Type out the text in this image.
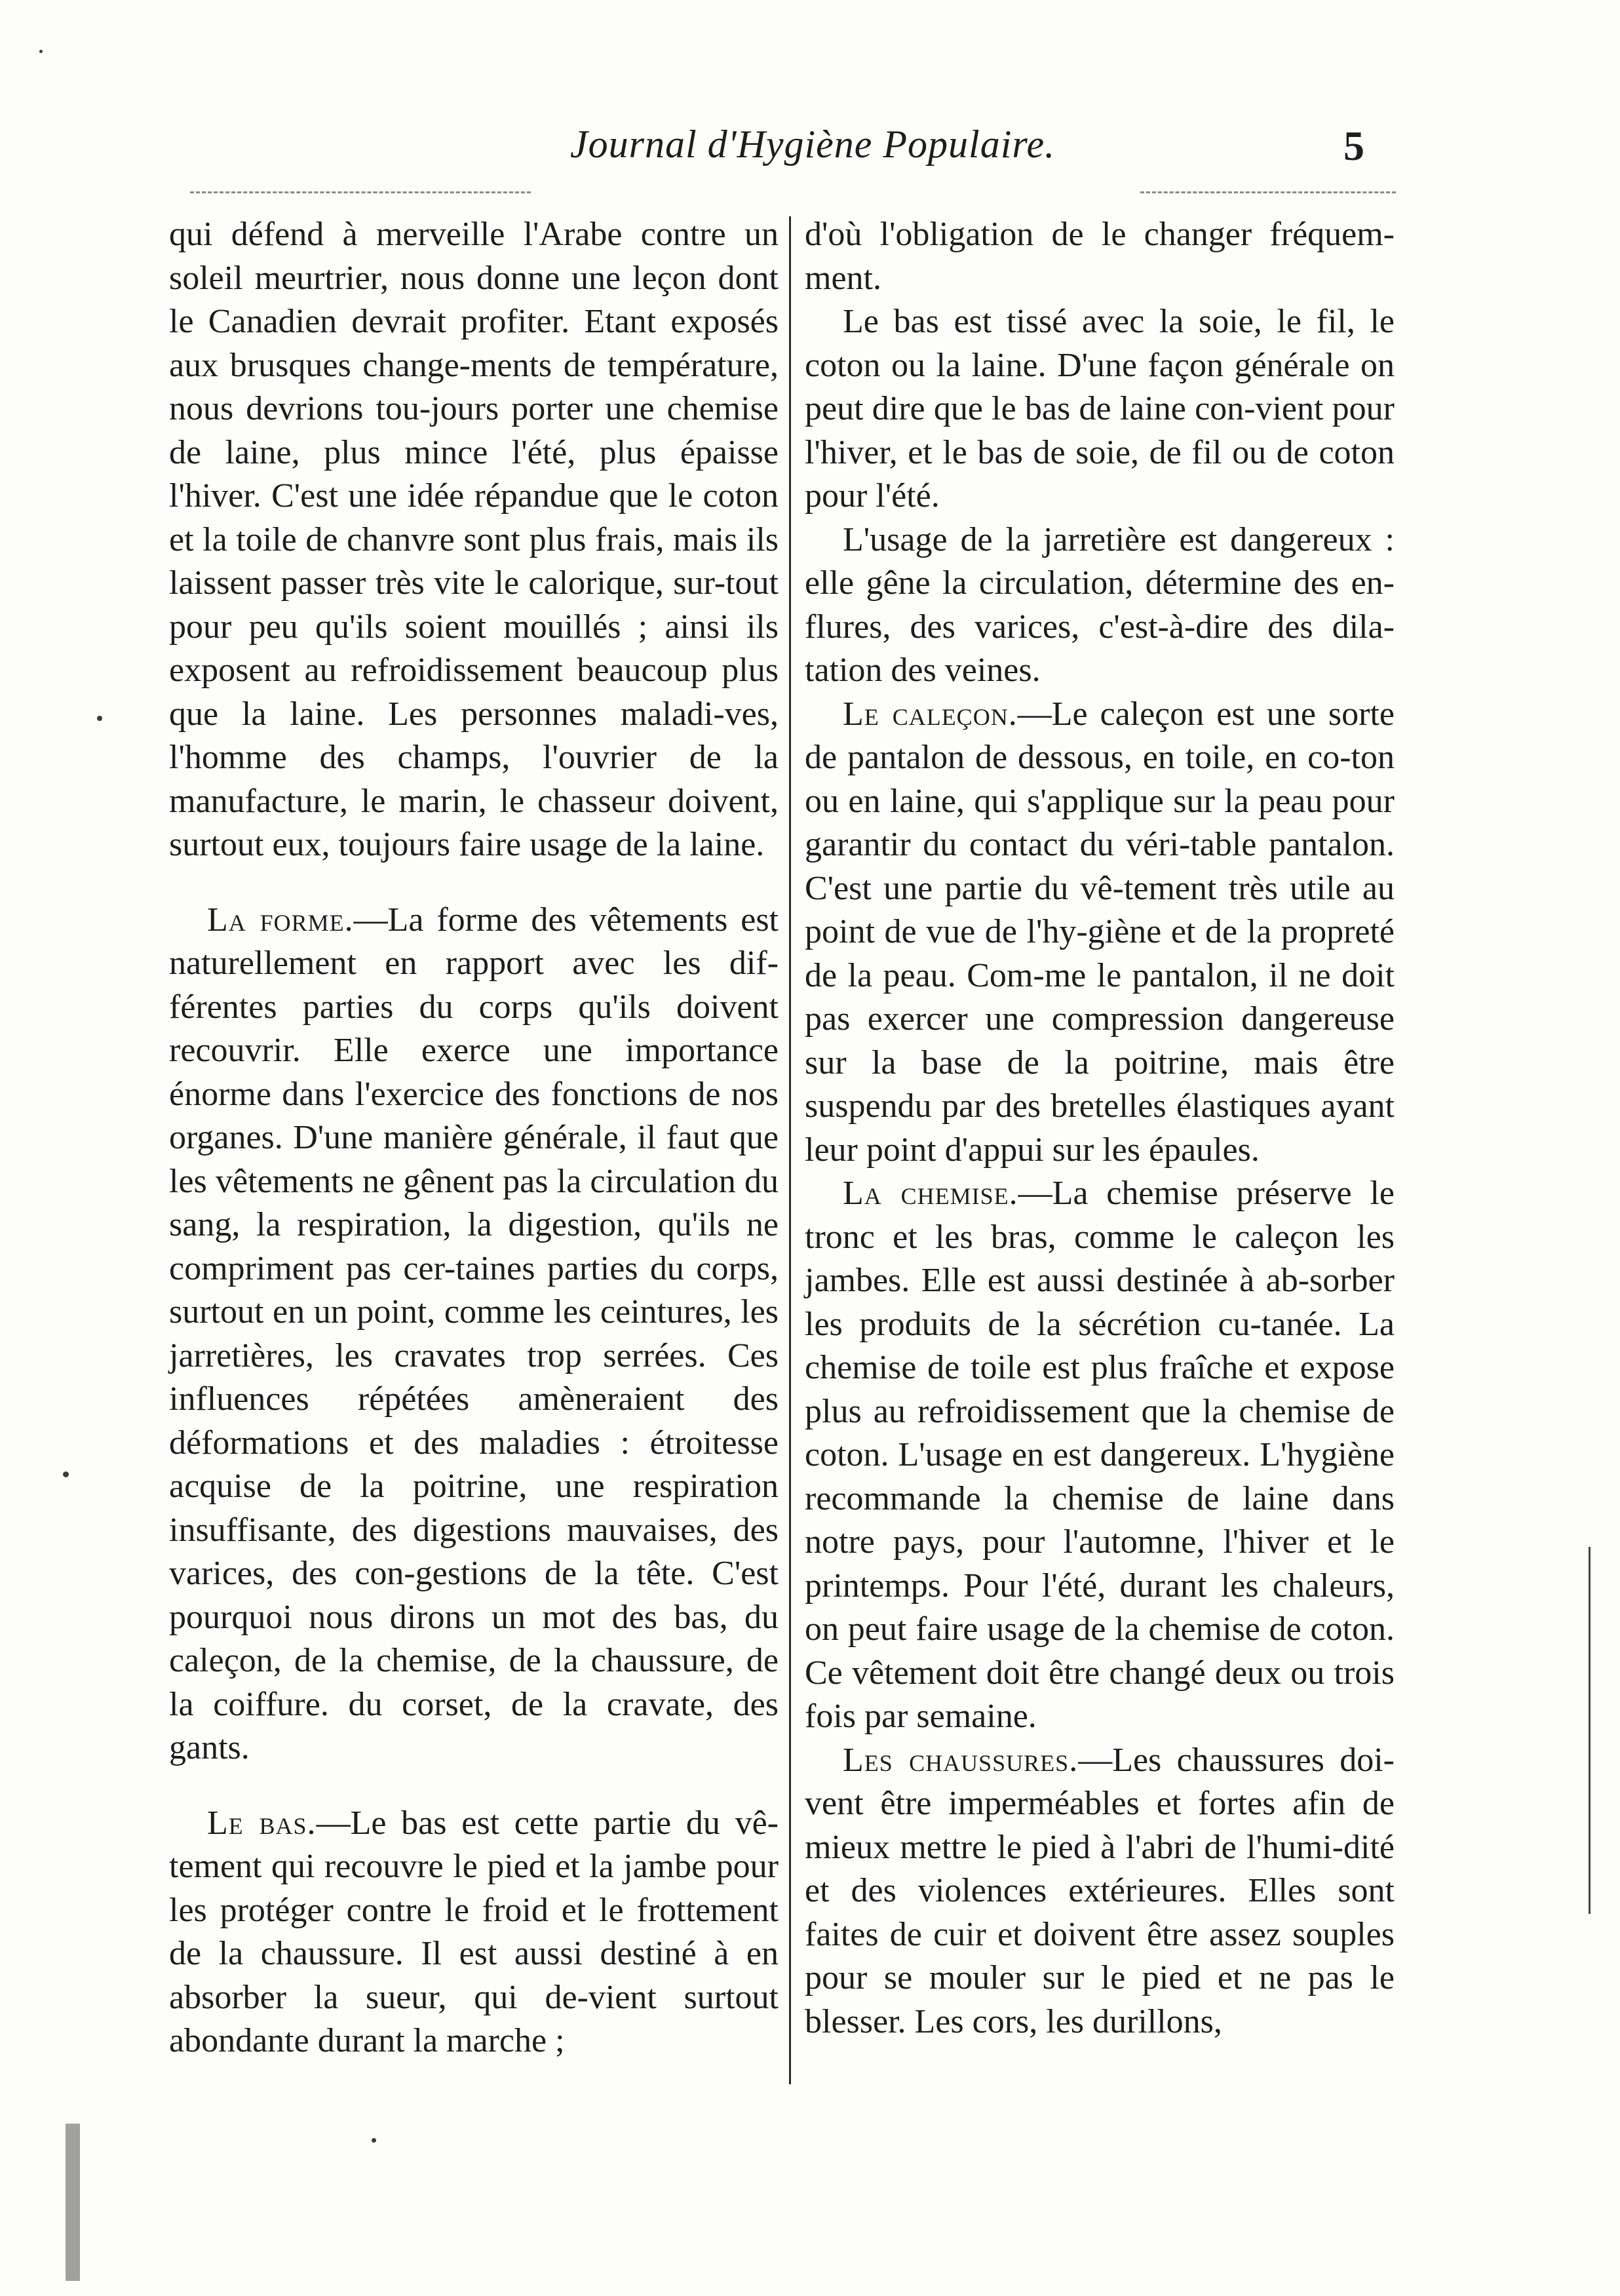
Journal d'Hygiène Populaire.	5

qui défend à merveille l'Arabe contre un soleil meurtrier, nous donne une leçon dont le Canadien devrait profiter. Etant exposés aux brusques change-ments de température, nous devrions tou-jours porter une chemise de laine, plus mince l'été, plus épaisse l'hiver. C'est une idée répandue que le coton et la toile de chanvre sont plus frais, mais ils laissent passer très vite le calorique, sur-tout pour peu qu'ils soient mouillés ; ainsi ils exposent au refroidissement beaucoup plus que la laine. Les personnes maladi-ves, l'homme des champs, l'ouvrier de la manufacture, le marin, le chasseur doivent, surtout eux, toujours faire usage de la laine.

La forme.—La forme des vêtements est naturellement en rapport avec les dif-férentes parties du corps qu'ils doivent recouvrir. Elle exerce une importance énorme dans l'exercice des fonctions de nos organes. D'une manière générale, il faut que les vêtements ne gênent pas la circulation du sang, la respiration, la digestion, qu'ils ne compriment pas cer-taines parties du corps, surtout en un point, comme les ceintures, les jarretières, les cravates trop serrées. Ces influences répétées amèneraient des déformations et des maladies : étroitesse acquise de la poitrine, une respiration insuffisante, des digestions mauvaises, des varices, des con-gestions de la tête. C'est pourquoi nous dirons un mot des bas, du caleçon, de la chemise, de la chaussure, de la coiffure. du corset, de la cravate, des gants.

Le bas.—Le bas est cette partie du vê-tement qui recouvre le pied et la jambe pour les protéger contre le froid et le frottement de la chaussure. Il est aussi destiné à en absorber la sueur, qui de-vient surtout abondante durant la marche ;

d'où l'obligation de le changer fréquem-ment.

Le bas est tissé avec la soie, le fil, le coton ou la laine. D'une façon générale on peut dire que le bas de laine con-vient pour l'hiver, et le bas de soie, de fil ou de coton pour l'été.

L'usage de la jarretière est dangereux : elle gêne la circulation, détermine des en-flures, des varices, c'est-à-dire des dila-tation des veines.

Le caleçon.—Le caleçon est une sorte de pantalon de dessous, en toile, en co-ton ou en laine, qui s'applique sur la peau pour garantir du contact du véri-table pantalon. C'est une partie du vê-tement très utile au point de vue de l'hy-giène et de la propreté de la peau. Com-me le pantalon, il ne doit pas exercer une compression dangereuse sur la base de la poitrine, mais être suspendu par des bretelles élastiques ayant leur point d'appui sur les épaules.

La chemise.—La chemise préserve le tronc et les bras, comme le caleçon les jambes. Elle est aussi destinée à ab-sorber les produits de la sécrétion cu-tanée. La chemise de toile est plus fraîche et expose plus au refroidissement que la chemise de coton. L'usage en est dangereux. L'hygiène recommande la chemise de laine dans notre pays, pour l'automne, l'hiver et le printemps. Pour l'été, durant les chaleurs, on peut faire usage de la chemise de coton. Ce vêtement doit être changé deux ou trois fois par semaine.

Les chaussures.—Les chaussures doi-vent être imperméables et fortes afin de mieux mettre le pied à l'abri de l'humi-dité et des violences extérieures. Elles sont faites de cuir et doivent être assez souples pour se mouler sur le pied et ne pas le blesser. Les cors, les durillons,
